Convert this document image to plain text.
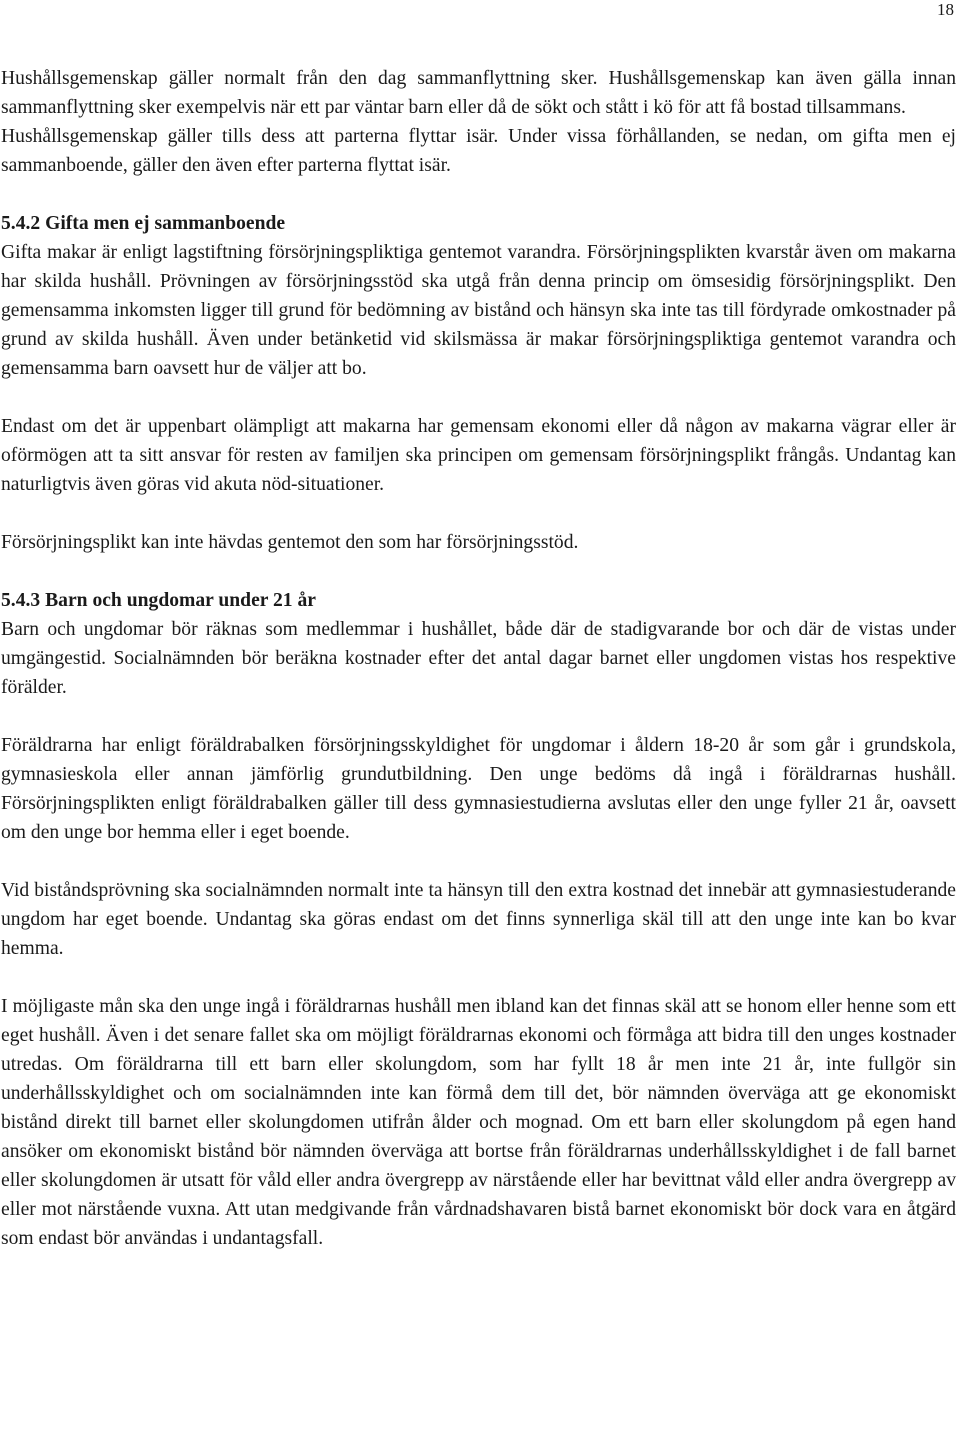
18

Hushållsgemenskap gäller normalt från den dag sammanflyttning sker. Hushållsgemenskap kan även gälla innan sammanflyttning sker exempelvis när ett par väntar barn eller då de sökt och stått i kö för att få bostad tillsammans.

Hushållsgemenskap gäller tills dess att parterna flyttar isär. Under vissa förhållanden, se nedan, om gifta men ej sammanboende, gäller den även efter parterna flyttat isär.

5.4.2 Gifta men ej sammanboende

Gifta makar är enligt lagstiftning försörjningspliktiga gentemot varandra. Försörjningsplikten kvarstår även om makarna har skilda hushåll. Prövningen av försörjningsstöd ska utgå från denna princip om ömsesidig försörjningsplikt. Den gemensamma inkomsten ligger till grund för bedömning av bistånd och hänsyn ska inte tas till fördyrade omkostnader på grund av skilda hushåll. Även under betänketid vid skilsmässa är makar försörjningspliktiga gentemot varandra och gemensamma barn oavsett hur de väljer att bo.

Endast om det är uppenbart olämpligt att makarna har gemensam ekonomi eller då någon av makarna vägrar eller är oförmögen att ta sitt ansvar för resten av familjen ska principen om gemensam försörjningsplikt frångås. Undantag kan naturligtvis även göras vid akuta nöd-situationer.

Försörjningsplikt kan inte hävdas gentemot den som har försörjningsstöd.

5.4.3 Barn och ungdomar under 21 år

Barn och ungdomar bör räknas som medlemmar i hushållet, både där de stadigvarande bor och där de vistas under umgängestid. Socialnämnden bör beräkna kostnader efter det antal dagar barnet eller ungdomen vistas hos respektive förälder.

Föräldrarna har enligt föräldrabalken försörjningsskyldighet för ungdomar i åldern 18-20 år som går i grundskola, gymnasieskola eller annan jämförlig grundutbildning. Den unge bedöms då ingå i föräldrarnas hushåll. Försörjningsplikten enligt föräldrabalken gäller till dess gymnasiestudierna avslutas eller den unge fyller 21 år, oavsett om den unge bor hemma eller i eget boende.

Vid biståndsprövning ska socialnämnden normalt inte ta hänsyn till den extra kostnad det innebär att gymnasiestuderande ungdom har eget boende. Undantag ska göras endast om det finns synnerliga skäl till att den unge inte kan bo kvar hemma.

I möjligaste mån ska den unge ingå i föräldrarnas hushåll men ibland kan det finnas skäl att se honom eller henne som ett eget hushåll. Även i det senare fallet ska om möjligt föräldrarnas ekonomi och förmåga att bidra till den unges kostnader utredas. Om föräldrarna till ett barn eller skolungdom, som har fyllt 18 år men inte 21 år, inte fullgör sin underhållsskyldighet och om socialnämnden inte kan förmå dem till det, bör nämnden överväga att ge ekonomiskt bistånd direkt till barnet eller skolungdomen utifrån ålder och mognad. Om ett barn eller skolungdom på egen hand ansöker om ekonomiskt bistånd bör nämnden överväga att bortse från föräldrarnas underhållsskyldighet i de fall barnet eller skolungdomen är utsatt för våld eller andra övergrepp av närstående eller har bevittnat våld eller andra övergrepp av eller mot närstående vuxna. Att utan medgivande från vårdnadshavaren bistå barnet ekonomiskt bör dock vara en åtgärd som endast bör användas i undantagsfall.
